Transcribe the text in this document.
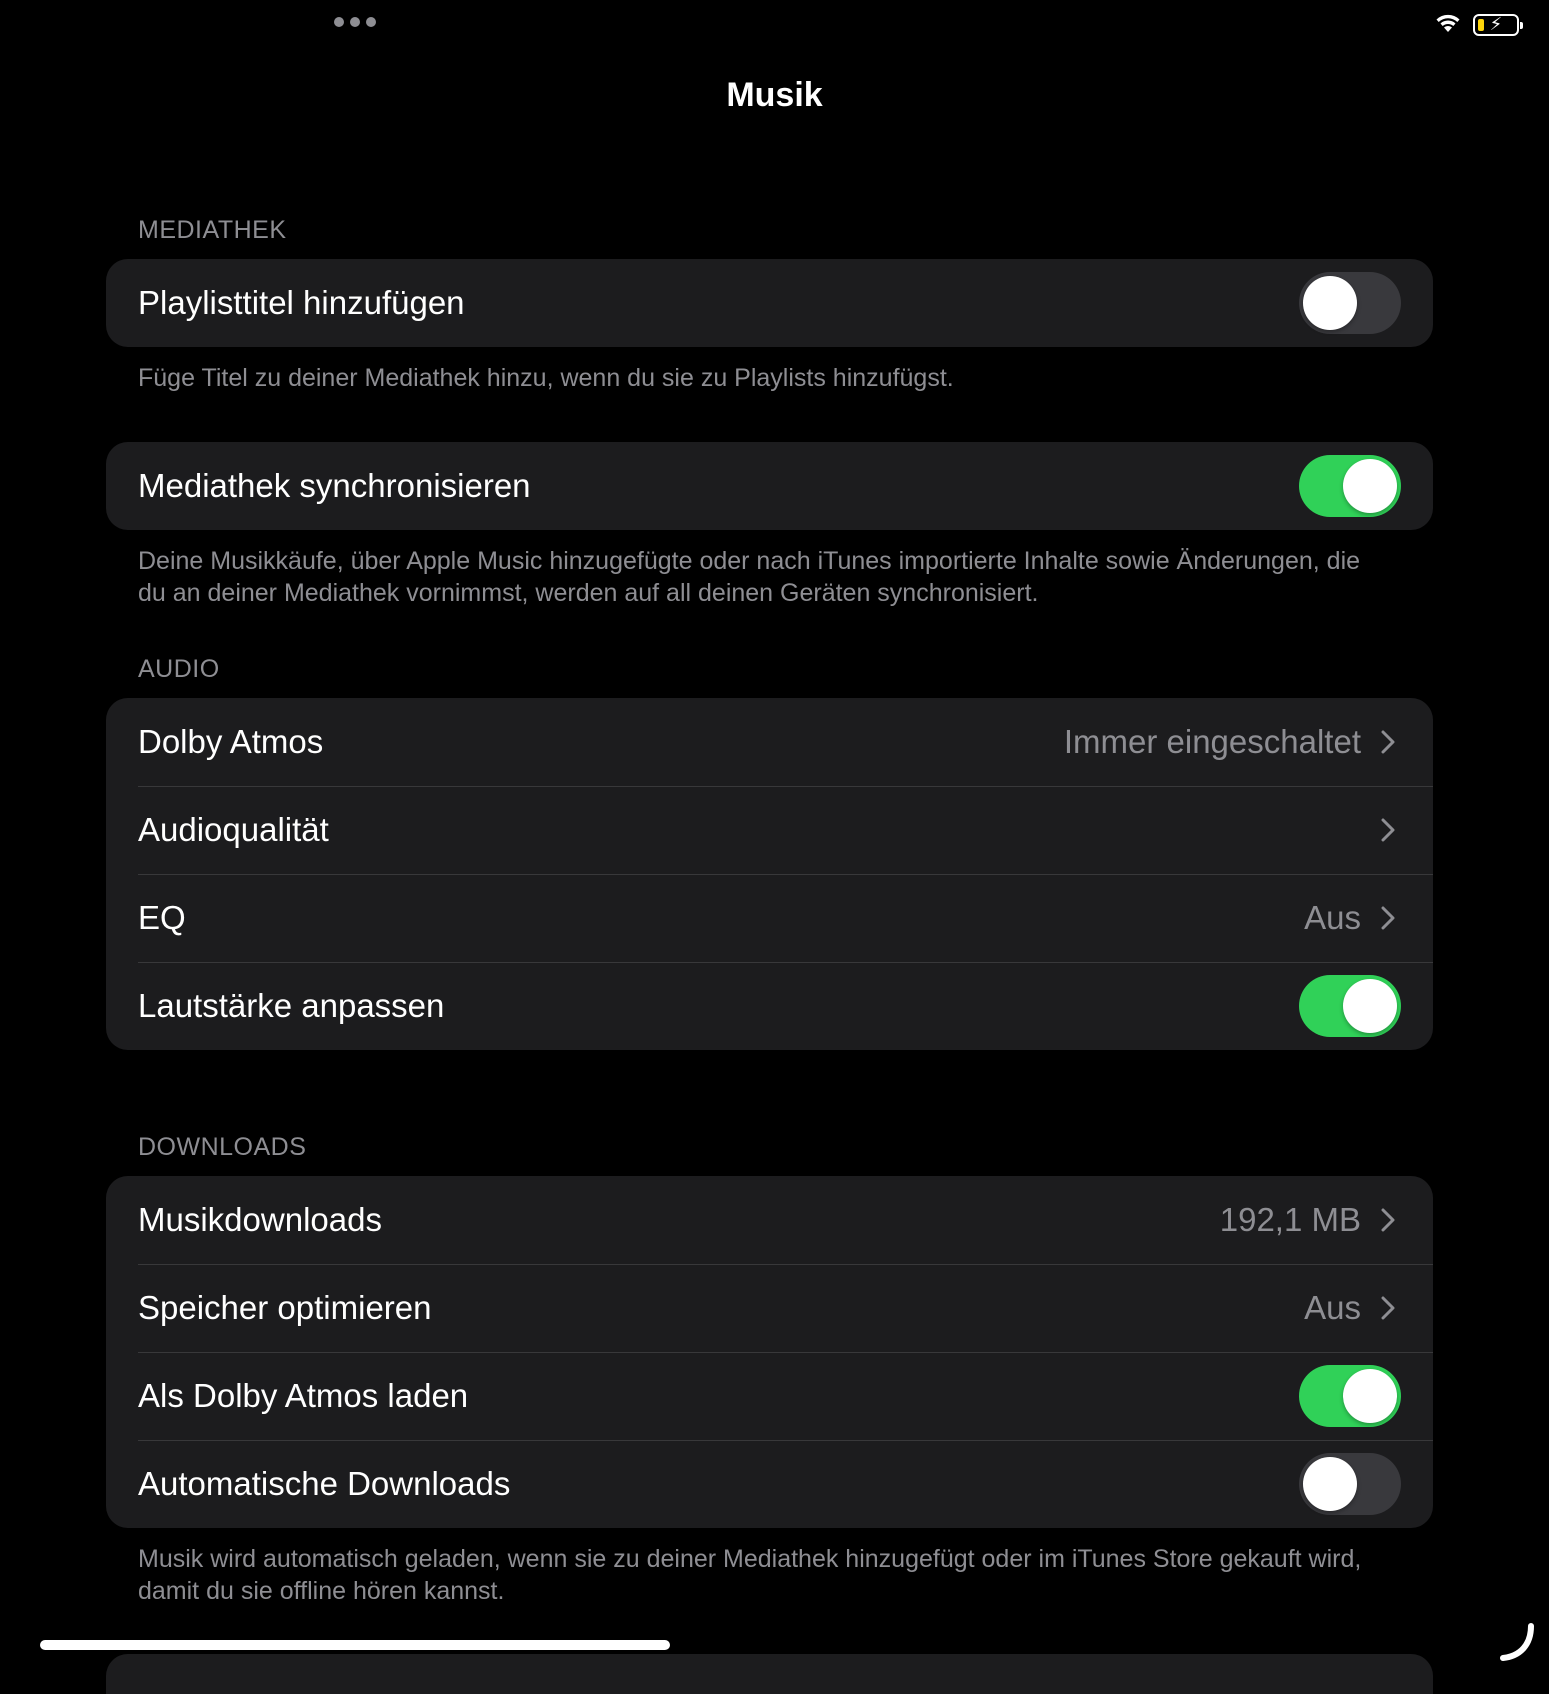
⚡
Musik
MEDIATHEK
Playlisttitel hinzufügen
Füge Titel zu deiner Mediathek hinzu, wenn du sie zu Playlists hinzufügst.
Mediathek synchronisieren
Deine Musikkäufe, über Apple Music hinzugefügte oder nach iTunes importierte Inhalte sowie Änderungen, die du an deiner Mediathek vornimmst, werden auf all deinen Geräten synchronisiert.
AUDIO
Dolby Atmos	Immer eingeschaltet
Audioqualität
EQ	Aus
Lautstärke anpassen
DOWNLOADS
Musikdownloads	192,1 MB
Speicher optimieren	Aus
Als Dolby Atmos laden
Automatische Downloads
Musik wird automatisch geladen, wenn sie zu deiner Mediathek hinzugefügt oder im iTunes Store gekauft wird, damit du sie offline hören kannst.
